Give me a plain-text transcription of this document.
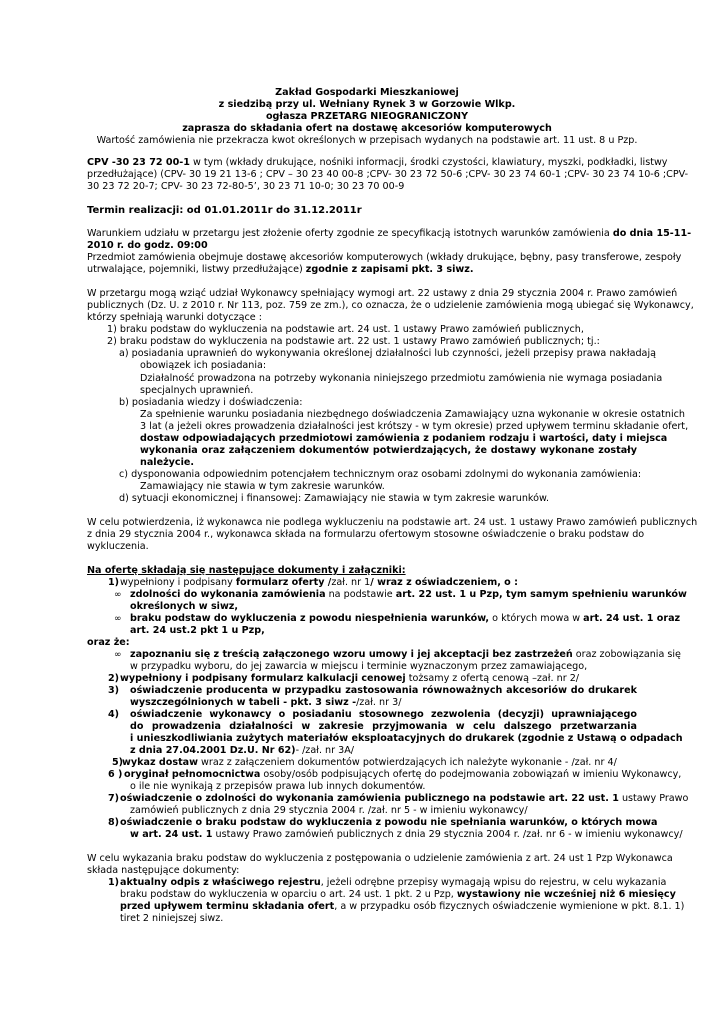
Zakład Gospodarki Mieszkaniowej
z siedzibą przy ul. Wełniany Rynek 3 w Gorzowie Wlkp.
ogłasza PRZETARG NIEOGRANICZONY
zaprasza do składania ofert na dostawę akcesoriów komputerowych
Wartość zamówienia nie przekracza kwot określonych w przepisach wydanych na podstawie art. 11 ust. 8 u Pzp.
CPV -30 23 72 00-1 w tym (wkłady drukujące, nośniki informacji, środki czystości, klawiatury, myszki, podkładki, listwy
przedłużające) (CPV- 30 19 21 13-6 ; CPV – 30 23 40 00-8 ;CPV- 30 23 72 50-6 ;CPV- 30 23 74 60-1 ;CPV- 30 23 74 10-6 ;CPV-
30 23 72 20-7; CPV- 30 23 72-80-5’, 30 23 71 10-0; 30 23 70 00-9
Termin realizacji: od 01.01.2011r do 31.12.2011r
Warunkiem udziału w przetargu jest złożenie oferty zgodnie ze specyfikacją istotnych warunków zamówienia do dnia 15-11-
2010 r. do godz. 09:00
Przedmiot zamówienia obejmuje dostawę akcesoriów komputerowych (wkłady drukujące, bębny, pasy transferowe, zespoły
utrwalające, pojemniki, listwy przedłużające) zgodnie z zapisami pkt. 3 siwz.
W przetargu mogą wziąć udział Wykonawcy spełniający wymogi art. 22 ustawy z dnia 29 stycznia 2004 r. Prawo zamówień
publicznych (Dz. U. z 2010 r. Nr 113, poz. 759 ze zm.), co oznacza, że o udzielenie zamówienia mogą ubiegać się Wykonawcy,
którzy spełniają warunki dotyczące :
1) braku podstaw do wykluczenia na podstawie art. 24 ust. 1 ustawy Prawo zamówień publicznych,
2) braku podstaw do wykluczenia na podstawie art. 22 ust. 1 ustawy Prawo zamówień publicznych; tj.:
a) posiadania uprawnień do wykonywania określonej działalności lub czynności, jeżeli przepisy prawa nakładają
obowiązek ich posiadania:
Działalność prowadzona na potrzeby wykonania niniejszego przedmiotu zamówienia nie wymaga posiadania
specjalnych uprawnień.
b) posiadania wiedzy i doświadczenia:
Za spełnienie warunku posiadania niezbędnego doświadczenia Zamawiający uzna wykonanie w okresie ostatnich
3 lat (a jeżeli okres prowadzenia działalności jest krótszy - w tym okresie) przed upływem terminu składanie ofert,
dostaw odpowiadających przedmiotowi zamówienia z podaniem rodzaju i wartości, daty i miejsca
wykonania oraz załączeniem dokumentów potwierdzających, że dostawy wykonane zostały
należycie.
c) dysponowania odpowiednim potencjałem technicznym oraz osobami zdolnymi do wykonania zamówienia:
Zamawiający nie stawia w tym zakresie warunków.
d) sytuacji ekonomicznej i finansowej: Zamawiający nie stawia w tym zakresie warunków.
W celu potwierdzenia, iż wykonawca nie podlega wykluczeniu na podstawie art. 24 ust. 1 ustawy Prawo zamówień publicznych
z dnia 29 stycznia 2004 r., wykonawca składa na formularzu ofertowym stosowne oświadczenie o braku podstaw do
wykluczenia.
Na ofertę składają się następujące dokumenty i załączniki:
1) wypełniony i podpisany formularz oferty /zał. nr 1/ wraz z oświadczeniem, o :
∞ zdolności do wykonania zamówienia na podstawie art. 22 ust. 1 u Pzp, tym samym spełnieniu warunków
określonych w siwz,
∞ braku podstaw do wykluczenia z powodu niespełnienia warunków, o których mowa w art. 24 ust. 1 oraz
art. 24 ust.2 pkt 1 u Pzp,
oraz że:
∞ zapoznaniu się z treścią załączonego wzoru umowy i jej akceptacji bez zastrzeżeń oraz zobowiązania się
w przypadku wyboru, do jej zawarcia w miejscu i terminie wyznaczonym przez zamawiającego,
2) wypełniony i podpisany formularz kalkulacji cenowej tożsamy z ofertą cenową –zał. nr 2/
3) oświadczenie producenta w przypadku zastosowania równoważnych akcesoriów do drukarek
wyszczególnionych w tabeli - pkt. 3 siwz -/zał. nr 3/
4) oświadczenie wykonawcy o posiadaniu stosownego zezwolenia (decyzji) uprawniającego
do prowadzenia działalności w zakresie przyjmowania w celu dalszego przetwarzania
i unieszkodliwiania zużytych materiałów eksploatacyjnych do drukarek (zgodnie z Ustawą o odpadach
z dnia 27.04.2001 Dz.U. Nr 62)- /zał. nr 3A/
5)
wykaz dostaw wraz z załączeniem dokumentów potwierdzających ich należyte wykonanie - /zał. nr 4/
6 ) oryginał pełnomocnictwa osoby/osób podpisujących ofertę do podejmowania zobowiązań w imieniu Wykonawcy,
o ile nie wynikają z przepisów prawa lub innych dokumentów.
7) oświadczenie o zdolności do wykonania zamówienia publicznego na podstawie art. 22 ust. 1 ustawy Prawo
zamówień publicznych z dnia 29 stycznia 2004 r. /zał. nr 5 - w imieniu wykonawcy/
8) oświadczenie o braku podstaw do wykluczenia z powodu nie spełniania warunków, o których mowa
w art. 24 ust. 1 ustawy Prawo zamówień publicznych z dnia 29 stycznia 2004 r. /zał. nr 6 - w imieniu wykonawcy/
W celu wykazania braku podstaw do wykluczenia z postępowania o udzielenie zamówienia z art. 24 ust 1 Pzp Wykonawca
składa następujące dokumenty:
1) aktualny odpis z właściwego rejestru, jeżeli odrębne przepisy wymagają wpisu do rejestru, w celu wykazania
braku podstaw do wykluczenia w oparciu o art. 24 ust. 1 pkt. 2 u Pzp, wystawiony nie wcześniej niż 6 miesięcy
przed upływem terminu składania ofert, a w przypadku osób fizycznych oświadczenie wymienione w pkt. 8.1. 1)
tiret 2 niniejszej siwz.
